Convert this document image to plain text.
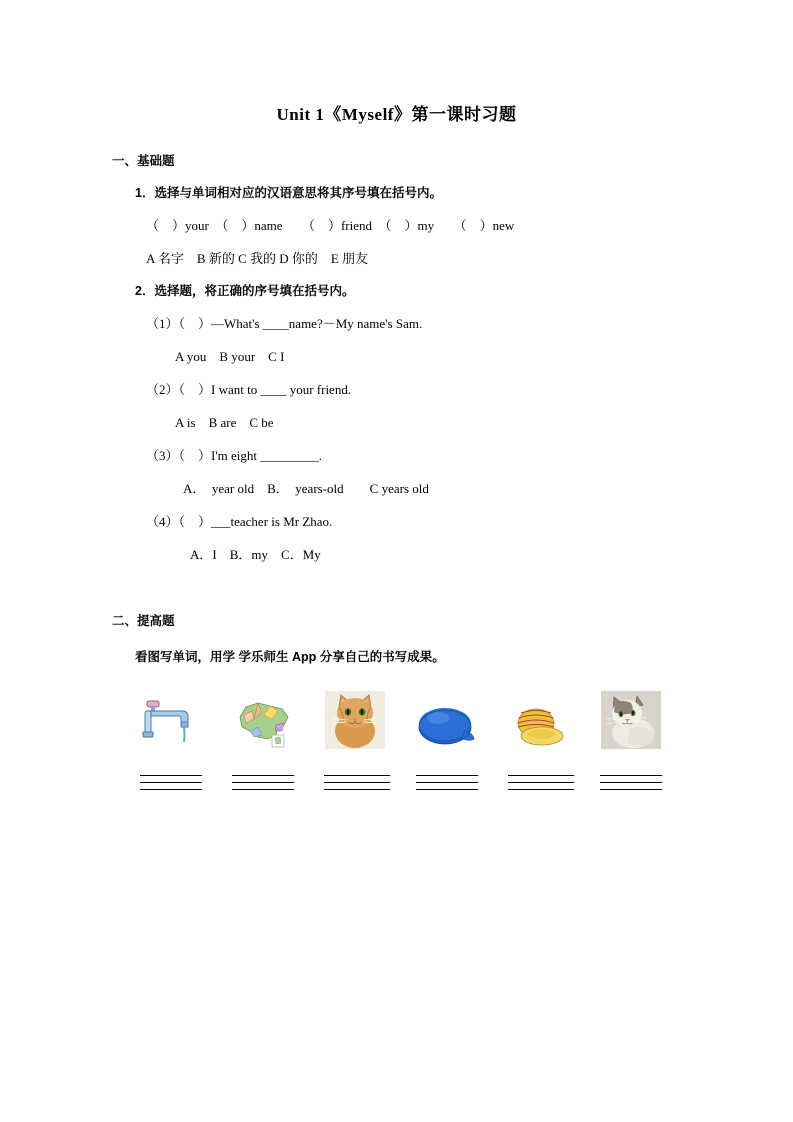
Unit 1《Myself》第一课时习题
一、基础题
1．选择与单词相对应的汉语意思将其序号填在括号内。
（　）your　（　）name　　（　）friend　（　）my　　（　）new
A 名字　B 新的 C 我的 D 你的　E 朋友
2．选择题，将正确的序号填在括号内。
（1）（　）—What's ____name?－My name's Sam.
A you　B your　C I
（2）（　）I want to ____ your friend.
A is　B are　C be
（3）（　）I'm eight _________.
A．　year old　B．　years-old　　C years old
（4）（　）___teacher is Mr Zhao.
A．I　B．my　C．My
二、提高题
看图写单词，用学 学乐师生 App 分享自己的书写成果。
